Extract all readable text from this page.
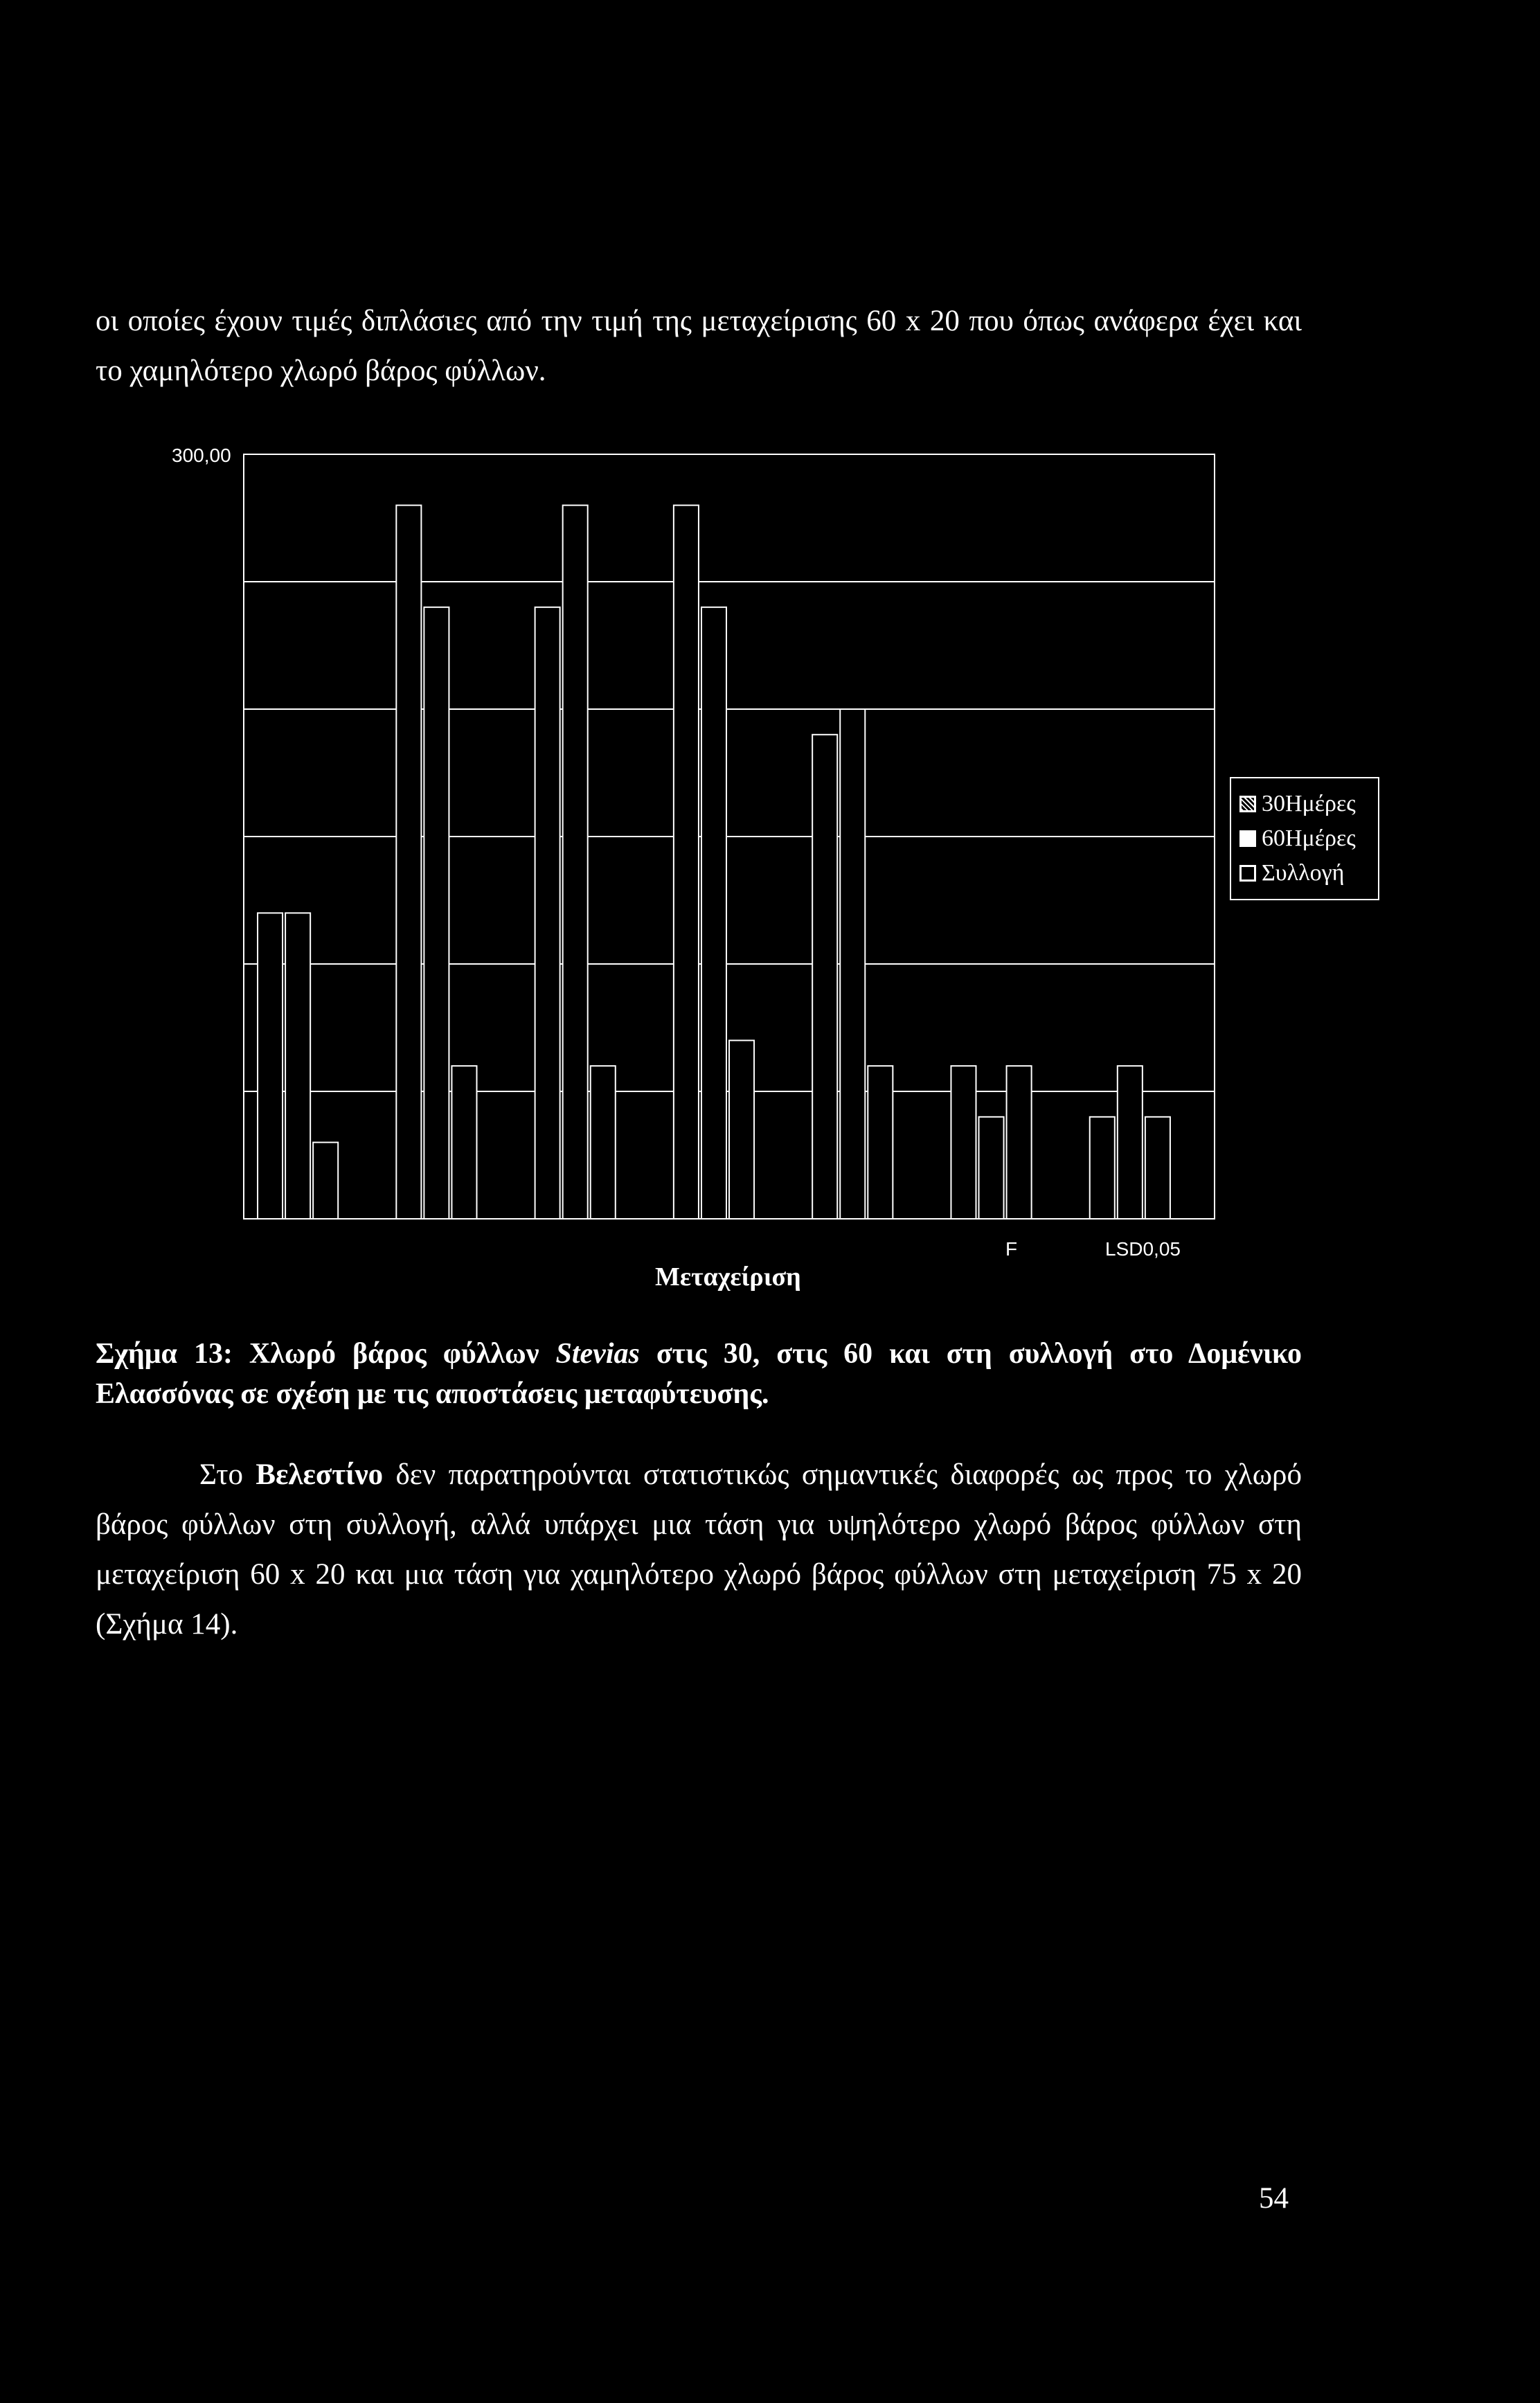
οι οποίες έχουν τιμές διπλάσιες από την τιμή της μεταχείρισης 60 x 20 που όπως ανάφερα έχει και το χαμηλότερο χλωρό βάρος φύλλων.

300,00
Μεταχείριση
F	LSD0,05
30Ημέρες
60Ημέρες
Συλλογή

Σχήμα 13: Χλωρό βάρος φύλλων Stevias στις 30, στις 60 και στη συλλογή στο Δομένικο Ελασσόνας σε σχέση με τις αποστάσεις μεταφύτευσης.

Στο Βελεστίνο δεν παρατηρούνται στατιστικώς σημαντικές διαφορές ως προς το χλωρό βάρος φύλλων στη συλλογή, αλλά υπάρχει μια τάση για υψηλότερο χλωρό βάρος φύλλων στη μεταχείριση 60 x 20 και μια τάση για χαμηλότερο χλωρό βάρος φύλλων στη μεταχείριση 75 x 20 (Σχήμα 14).

54
